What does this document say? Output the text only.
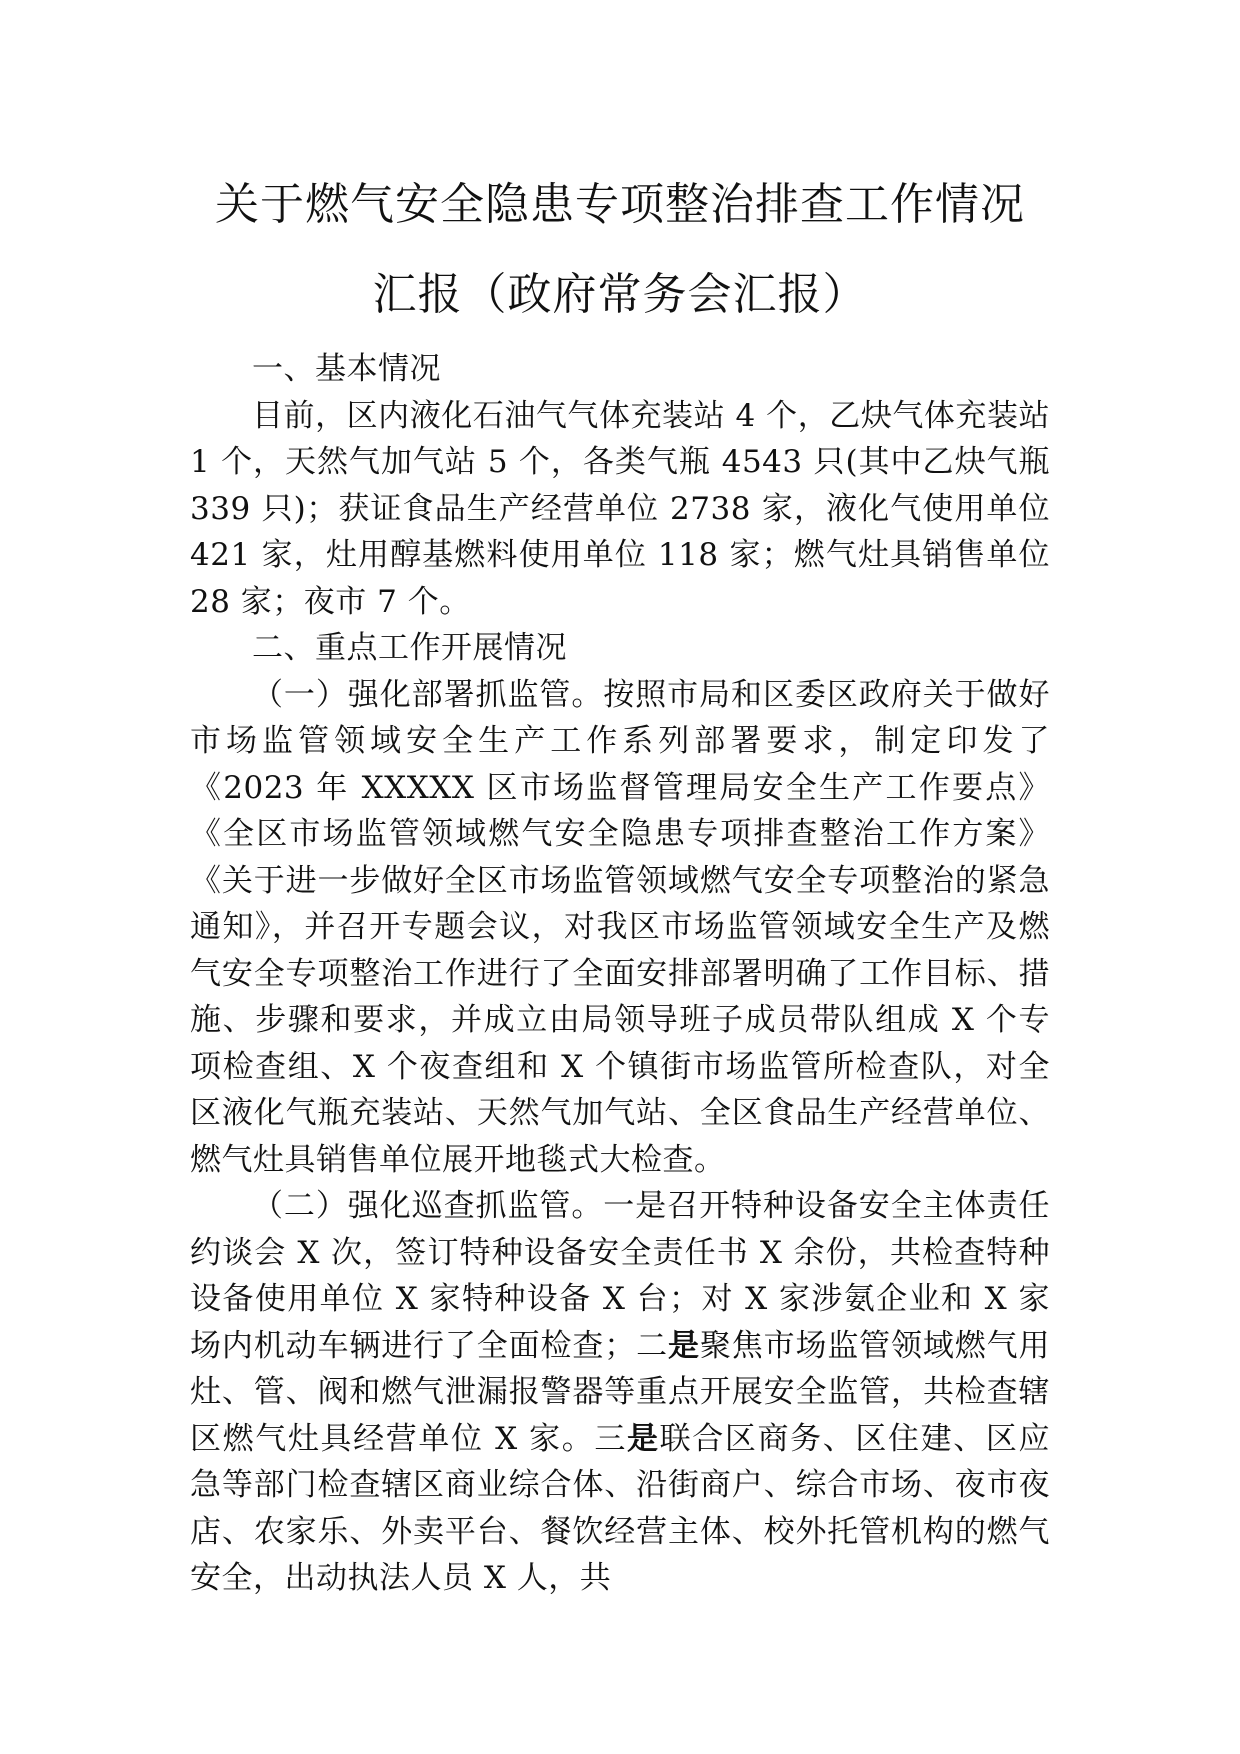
关于燃气安全隐患专项整治排查工作情况
汇报（政府常务会汇报）

一、基本情况

目前，区内液化石油气气体充装站 4 个，乙炔气体充装站 1 个，天然气加气站 5 个，各类气瓶 4543 只(其中乙炔气瓶 339 只)；获证食品生产经营单位 2738 家，液化气使用单位 421 家，灶用醇基燃料使用单位 118 家；燃气灶具销售单位 28 家；夜市 7 个。

二、重点工作开展情况

（一）强化部署抓监管。按照市局和区委区政府关于做好市场监管领域安全生产工作系列部署要求，制定印发了《2023 年 XXXXX 区市场监督管理局安全生产工作要点》《全区市场监管领域燃气安全隐患专项排查整治工作方案》《关于进一步做好全区市场监管领域燃气安全专项整治的紧急通知》，并召开专题会议，对我区市场监管领域安全生产及燃气安全专项整治工作进行了全面安排部署明确了工作目标、措施、步骤和要求，并成立由局领导班子成员带队组成 X 个专项检查组、X 个夜查组和 X 个镇街市场监管所检查队，对全区液化气瓶充装站、天然气加气站、全区食品生产经营单位、燃气灶具销售单位展开地毯式大检查。

（二）强化巡查抓监管。一是召开特种设备安全主体责任约谈会 X 次，签订特种设备安全责任书 X 余份，共检查特种设备使用单位 X 家特种设备 X 台；对 X 家涉氨企业和 X 家场内机动车辆进行了全面检查；二是聚焦市场监管领域燃气用灶、管、阀和燃气泄漏报警器等重点开展安全监管，共检查辖区燃气灶具经营单位 X 家。三是联合区商务、区住建、区应急等部门检查辖区商业综合体、沿街商户、综合市场、夜市夜店、农家乐、外卖平台、餐饮经营主体、校外托管机构的燃气安全，出动执法人员 X 人，共
